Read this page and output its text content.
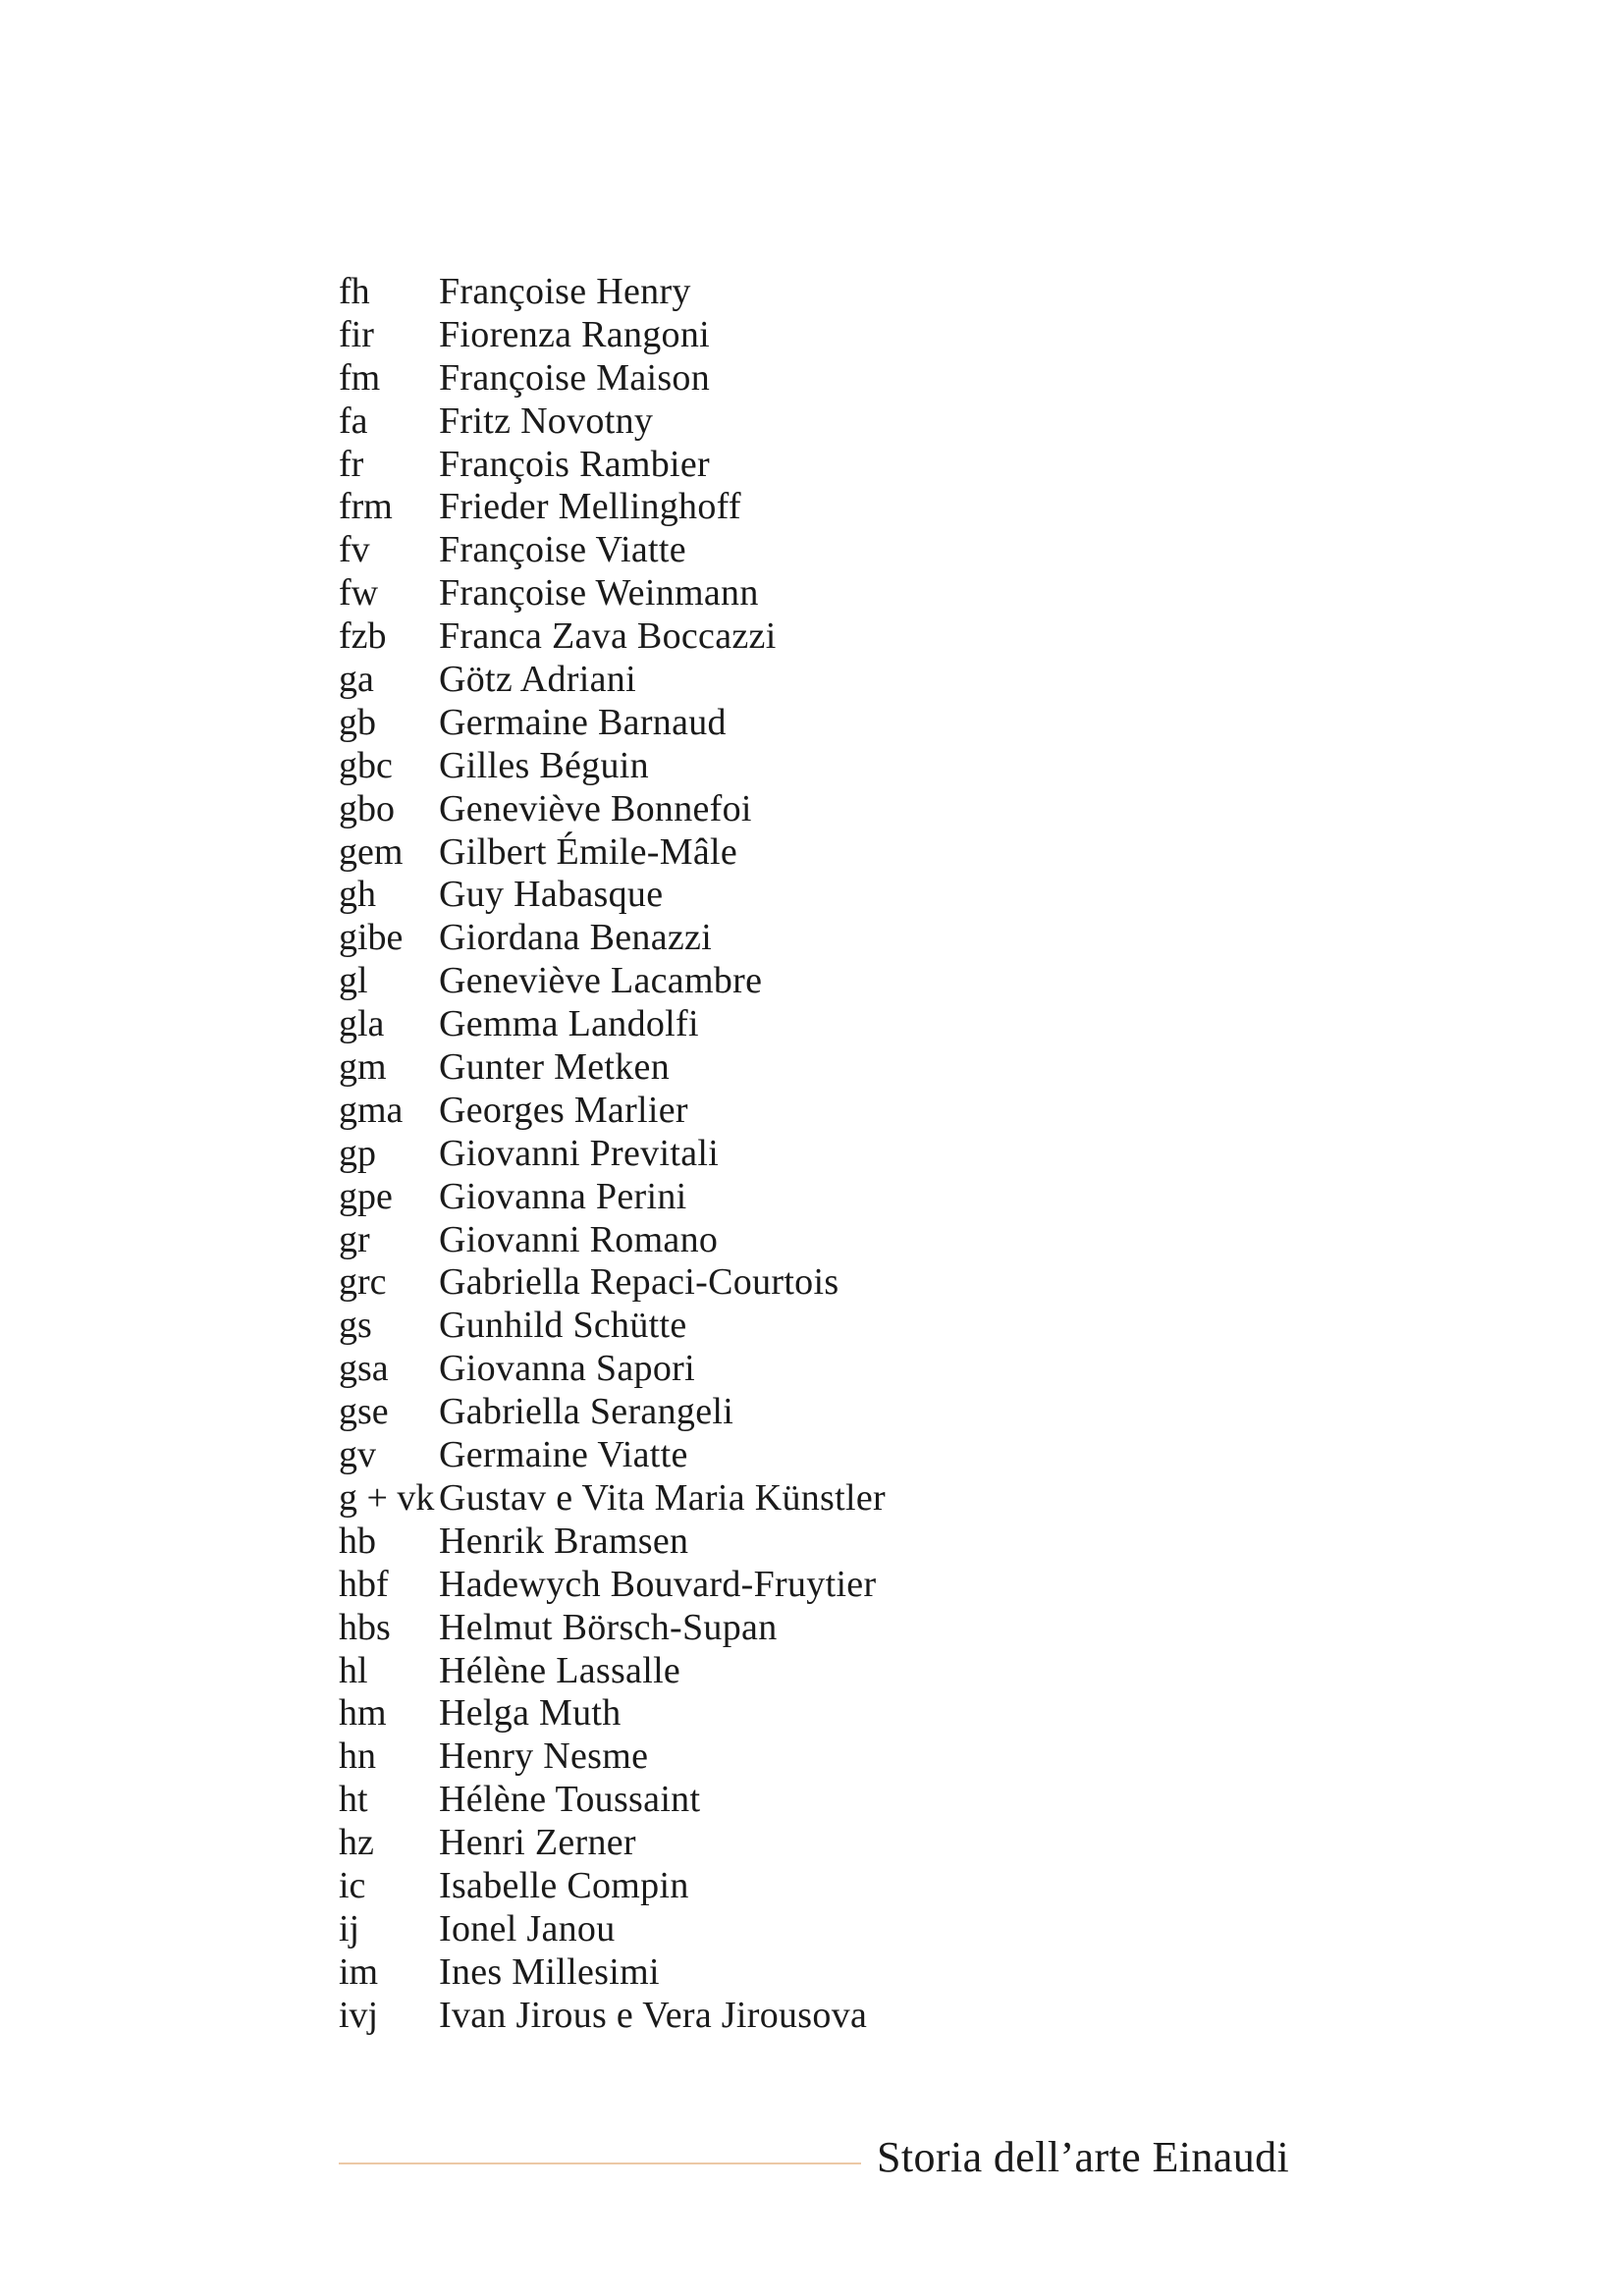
fh Françoise Henry
fir Fiorenza Rangoni
fm Françoise Maison
fa Fritz Novotny
fr François Rambier
frm Frieder Mellinghoff
fv Françoise Viatte
fw Françoise Weinmann
fzb Franca Zava Boccazzi
ga Götz Adriani
gb Germaine Barnaud
gbc Gilles Béguin
gbo Geneviève Bonnefoi
gem Gilbert Émile-Mâle
gh Guy Habasque
gibe Giordana Benazzi
gl Geneviève Lacambre
gla Gemma Landolfi
gm Gunter Metken
gma Georges Marlier
gp Giovanni Previtali
gpe Giovanna Perini
gr Giovanni Romano
grc Gabriella Repaci-Courtois
gs Gunhild Schütte
gsa Giovanna Sapori
gse Gabriella Serangeli
gv Germaine Viatte
g + vk Gustav e Vita Maria Künstler
hb Henrik Bramsen
hbf Hadewych Bouvard-Fruytier
hbs Helmut Börsch-Supan
hl Hélène Lassalle
hm Helga Muth
hn Henry Nesme
ht Hélène Toussaint
hz Henri Zerner
ic Isabelle Compin
ij Ionel Janou
im Ines Millesimi
ivj Ivan Jirous e Vera Jirousova
Storia dell’arte Einaudi
